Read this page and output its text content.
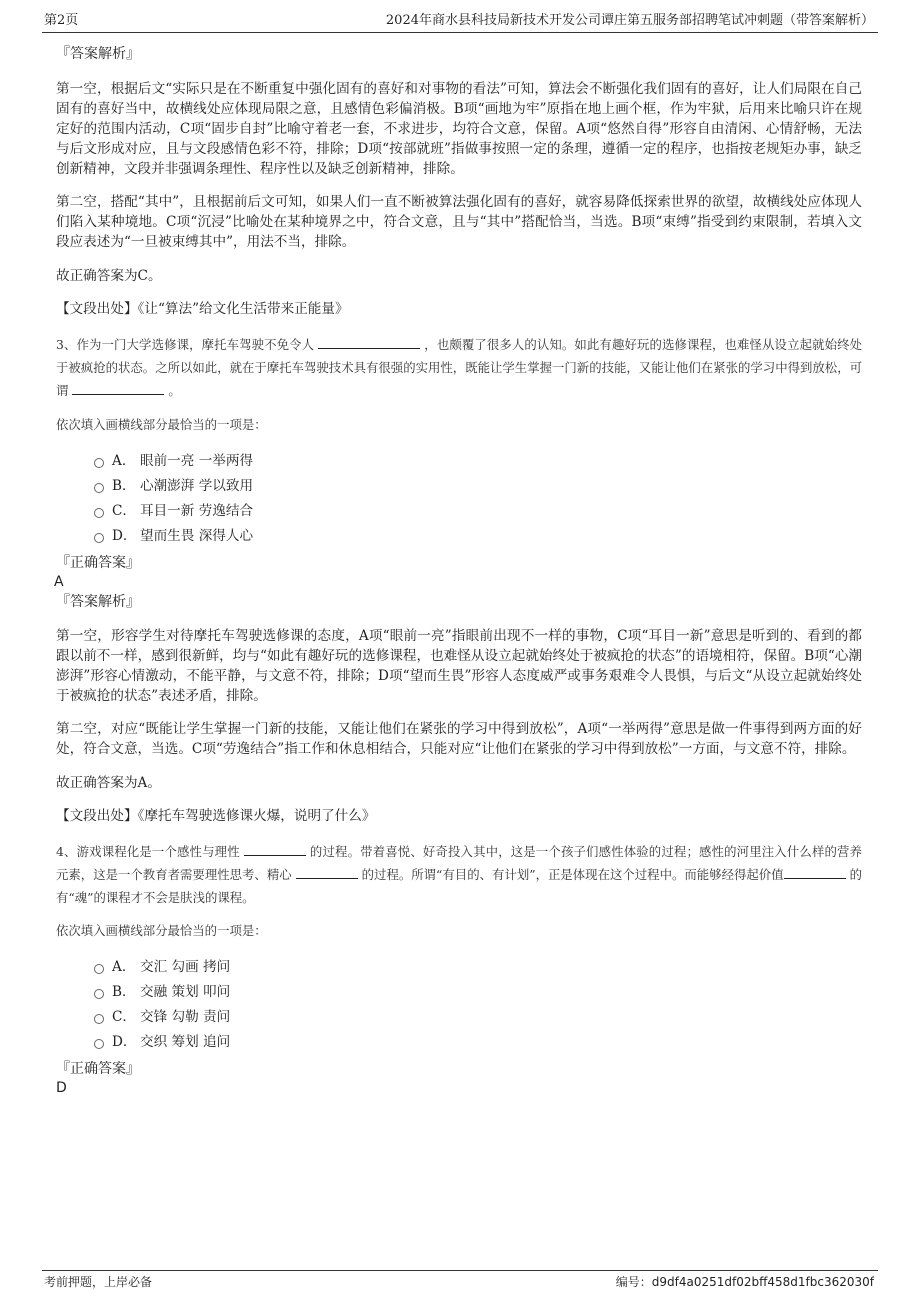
第2页	2024年商水县科技局新技术开发公司谭庄第五服务部招聘笔试冲刺题（带答案解析）

『答案解析』

第一空，根据后文“实际只是在不断重复中强化固有的喜好和对事物的看法”可知，算法会不断强化我们固有的喜好，让人们局限在自己固有的喜好当中，故横线处应体现局限之意，且感情色彩偏消极。B项“画地为牢”原指在地上画个框，作为牢狱，后用来比喻只许在规定好的范围内活动，C项“固步自封”比喻守着老一套，不求进步，均符合文意，保留。A项“悠然自得”形容自由清闲、心情舒畅，无法与后文形成对应，且与文段感情色彩不符，排除；D项“按部就班”指做事按照一定的条理，遵循一定的程序，也指按老规矩办事，缺乏创新精神，文段并非强调条理性、程序性以及缺乏创新精神，排除。

第二空，搭配“其中”，且根据前后文可知，如果人们一直不断被算法强化固有的喜好，就容易降低探索世界的欲望，故横线处应体现人们陷入某种境地。C项“沉浸”比喻处在某种境界之中，符合文意，且与“其中”搭配恰当，当选。B项“束缚”指受到约束限制，若填入文段应表述为“一旦被束缚其中”，用法不当，排除。

故正确答案为C。

【文段出处】《让“算法”给文化生活带来正能量》

3、作为一门大学选修课，摩托车驾驶不免令人	，也颇覆了很多人的认知。如此有趣好玩的选修课程，也难怪从设立起就始终处于被疯抢的状态。之所以如此，就在于摩托车驾驶技术具有很强的实用性，既能让学生掌握一门新的技能，又能让他们在紧张的学习中得到放松，可谓	。

依次填入画横线部分最恰当的一项是：

A． 眼前一亮 一举两得
B． 心潮澎湃 学以致用
C． 耳目一新 劳逸结合
D． 望而生畏 深得人心

『正确答案』

A

『答案解析』

第一空，形容学生对待摩托车驾驶选修课的态度，A项“眼前一亮”指眼前出现不一样的事物，C项“耳目一新”意思是听到的、看到的都跟以前不一样，感到很新鲜，均与“如此有趣好玩的选修课程，也难怪从设立起就始终处于被疯抢的状态”的语境相符，保留。B项“心潮澎湃”形容心情激动，不能平静，与文意不符，排除；D项“望而生畏”形容人态度威严或事务艰难令人畏惧，与后文“从设立起就始终处于被疯抢的状态”表述矛盾，排除。

第二空，对应“既能让学生掌握一门新的技能，又能让他们在紧张的学习中得到放松”，A项“一举两得”意思是做一件事得到两方面的好处，符合文意，当选。C项“劳逸结合”指工作和休息相结合，只能对应“让他们在紧张的学习中得到放松”一方面，与文意不符，排除。

故正确答案为A。

【文段出处】《摩托车驾驶选修课火爆，说明了什么》

4、游戏课程化是一个感性与理性	的过程。带着喜悦、好奇投入其中，这是一个孩子们感性体验的过程；感性的河里注入什么样的营养元素，这是一个教育者需要理性思考、精心	的过程。所谓“有目的、有计划”，正是体现在这个过程中。而能够经得起价值	的有“魂”的课程才不会是肤浅的课程。

依次填入画横线部分最恰当的一项是：

A． 交汇 勾画 拷问
B． 交融 策划 叩问
C． 交锋 勾勒 责问
D． 交织 筹划 追问

『正确答案』

D

考前押题，上岸必备	编号：d9df4a0251df02bff458d1fbc362030f
